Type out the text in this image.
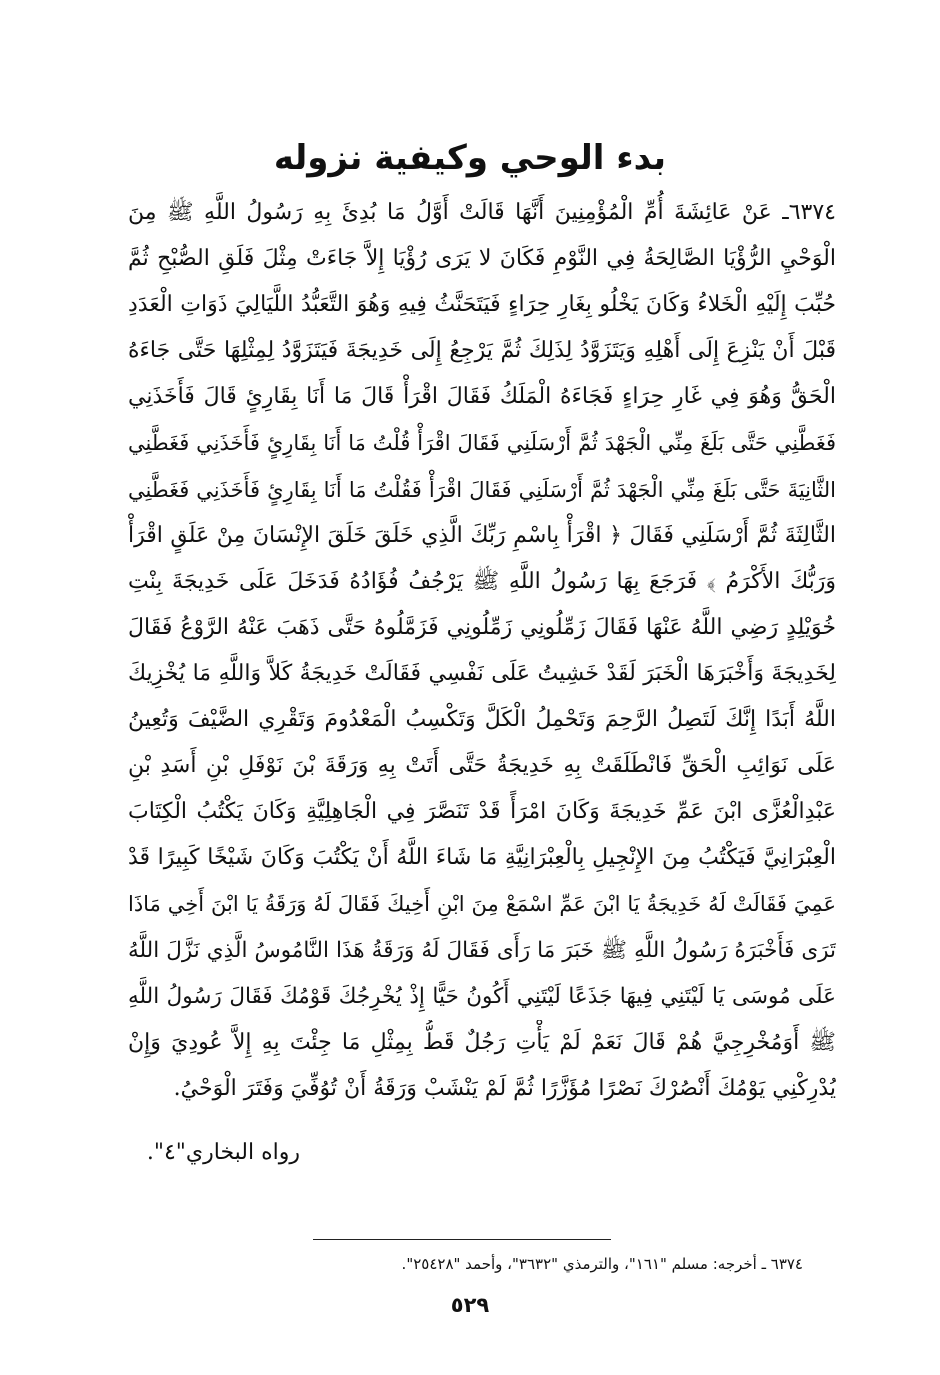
بدء الوحي وكيفية نزوله
٦٣٧٤ـ عَنْ عَائِشَةَ أُمِّ الْمُؤْمِنِينَ أَنَّهَا قَالَتْ أَوَّلُ مَا بُدِئَ بِهِ رَسُولُ اللَّهِ ﷺ مِنَ
الْوَحْيِ الرُّؤْيَا الصَّالِحَةُ فِي النَّوْمِ فَكَانَ لا يَرَى رُؤْيَا إِلاَّ جَاءَتْ مِثْلَ فَلَقِ الصُّبْحِ ثُمَّ
حُبِّبَ إِلَيْهِ الْخَلاءُ وَكَانَ يَخْلُو بِغَارِ حِرَاءٍ فَيَتَحَنَّثُ فِيهِ وَهُوَ التَّعَبُّدُ اللَّيَالِيَ ذَوَاتِ الْعَدَدِ
قَبْلَ أَنْ يَنْزِعَ إِلَى أَهْلِهِ وَيَتَزَوَّدُ لِذَلِكَ ثُمَّ يَرْجِعُ إِلَى خَدِيجَةَ فَيَتَزَوَّدُ لِمِثْلِهَا حَتَّى جَاءَهُ
الْحَقُّ وَهُوَ فِي غَارِ حِرَاءٍ فَجَاءَهُ الْمَلَكُ فَقَالَ اقْرَأْ قَالَ مَا أَنَا بِقَارِئٍ قَالَ فَأَخَذَنِي
فَغَطَّنِي حَتَّى بَلَغَ مِنِّي الْجَهْدَ ثُمَّ أَرْسَلَنِي فَقَالَ اقْرَأْ قُلْتُ مَا أَنَا بِقَارِئٍ فَأَخَذَنِي فَغَطَّنِي
الثَّانِيَةَ حَتَّى بَلَغَ مِنِّي الْجَهْدَ ثُمَّ أَرْسَلَنِي فَقَالَ اقْرَأْ فَقُلْتُ مَا أَنَا بِقَارِئٍ فَأَخَذَنِي فَغَطَّنِي
الثَّالِثَةَ ثُمَّ أَرْسَلَنِي فَقَالَ ﴿ اقْرَأْ بِاسْمِ رَبِّكَ الَّذِي خَلَقَ خَلَقَ الإِنْسَانَ مِنْ عَلَقٍ اقْرَأْ
وَرَبُّكَ الأَكْرَمُ ﴾ فَرَجَعَ بِهَا رَسُولُ اللَّهِ ﷺ يَرْجُفُ فُؤَادُهُ فَدَخَلَ عَلَى خَدِيجَةَ بِنْتِ
خُوَيْلِدٍ رَضِي اللَّهُ عَنْهَا فَقَالَ زَمِّلُونِي زَمِّلُونِي فَزَمَّلُوهُ حَتَّى ذَهَبَ عَنْهُ الرَّوْعُ فَقَالَ
لِخَدِيجَةَ وَأَخْبَرَهَا الْخَبَرَ لَقَدْ خَشِيتُ عَلَى نَفْسِي فَقَالَتْ خَدِيجَةُ كَلاَّ وَاللَّهِ مَا يُخْزِيكَ
اللَّهُ أَبَدًا إِنَّكَ لَتَصِلُ الرَّحِمَ وَتَحْمِلُ الْكَلَّ وَتَكْسِبُ الْمَعْدُومَ وَتَقْرِي الضَّيْفَ وَتُعِينُ
عَلَى نَوَائِبِ الْحَقِّ فَانْطَلَقَتْ بِهِ خَدِيجَةُ حَتَّى أَتَتْ بِهِ وَرَقَةَ بْنَ نَوْفَلِ بْنِ أَسَدِ بْنِ
عَبْدِالْعُزَّى ابْنَ عَمِّ خَدِيجَةَ وَكَانَ امْرَأً قَدْ تَنَصَّرَ فِي الْجَاهِلِيَّةِ وَكَانَ يَكْتُبُ الْكِتَابَ
الْعِبْرَانِيَّ فَيَكْتُبُ مِنَ الإِنْجِيلِ بِالْعِبْرَانِيَّةِ مَا شَاءَ اللَّهُ أَنْ يَكْتُبَ وَكَانَ شَيْخًا كَبِيرًا قَدْ
عَمِيَ فَقَالَتْ لَهُ خَدِيجَةُ يَا ابْنَ عَمِّ اسْمَعْ مِنَ ابْنِ أَخِيكَ فَقَالَ لَهُ وَرَقَةُ يَا ابْنَ أَخِي مَاذَا
تَرَى فَأَخْبَرَهُ رَسُولُ اللَّهِ ﷺ خَبَرَ مَا رَأَى فَقَالَ لَهُ وَرَقَةُ هَذَا النَّامُوسُ الَّذِي نَزَّلَ اللَّهُ
عَلَى مُوسَى يَا لَيْتَنِي فِيهَا جَذَعًا لَيْتَنِي أَكُونُ حَيًّا إِذْ يُخْرِجُكَ قَوْمُكَ فَقَالَ رَسُولُ اللَّهِ
ﷺ أَوَمُخْرِجِيَّ هُمْ قَالَ نَعَمْ لَمْ يَأْتِ رَجُلٌ قَطُّ بِمِثْلِ مَا جِئْتَ بِهِ إِلاَّ عُودِيَ وَإِنْ
يُدْرِكْنِي يَوْمُكَ أَنْصُرْكَ نَصْرًا مُؤَزَّرًا ثُمَّ لَمْ يَنْشَبْ وَرَقَةُ أَنْ تُوُفِّيَ وَفَتَرَ الْوَحْيُ.
رواه البخاري"٤".
٦٣٧٤ ـ أخرجه: مسلم "١٦١"، والترمذي "٣٦٣٢"، وأحمد "٢٥٤٢٨".
٥٢٩
